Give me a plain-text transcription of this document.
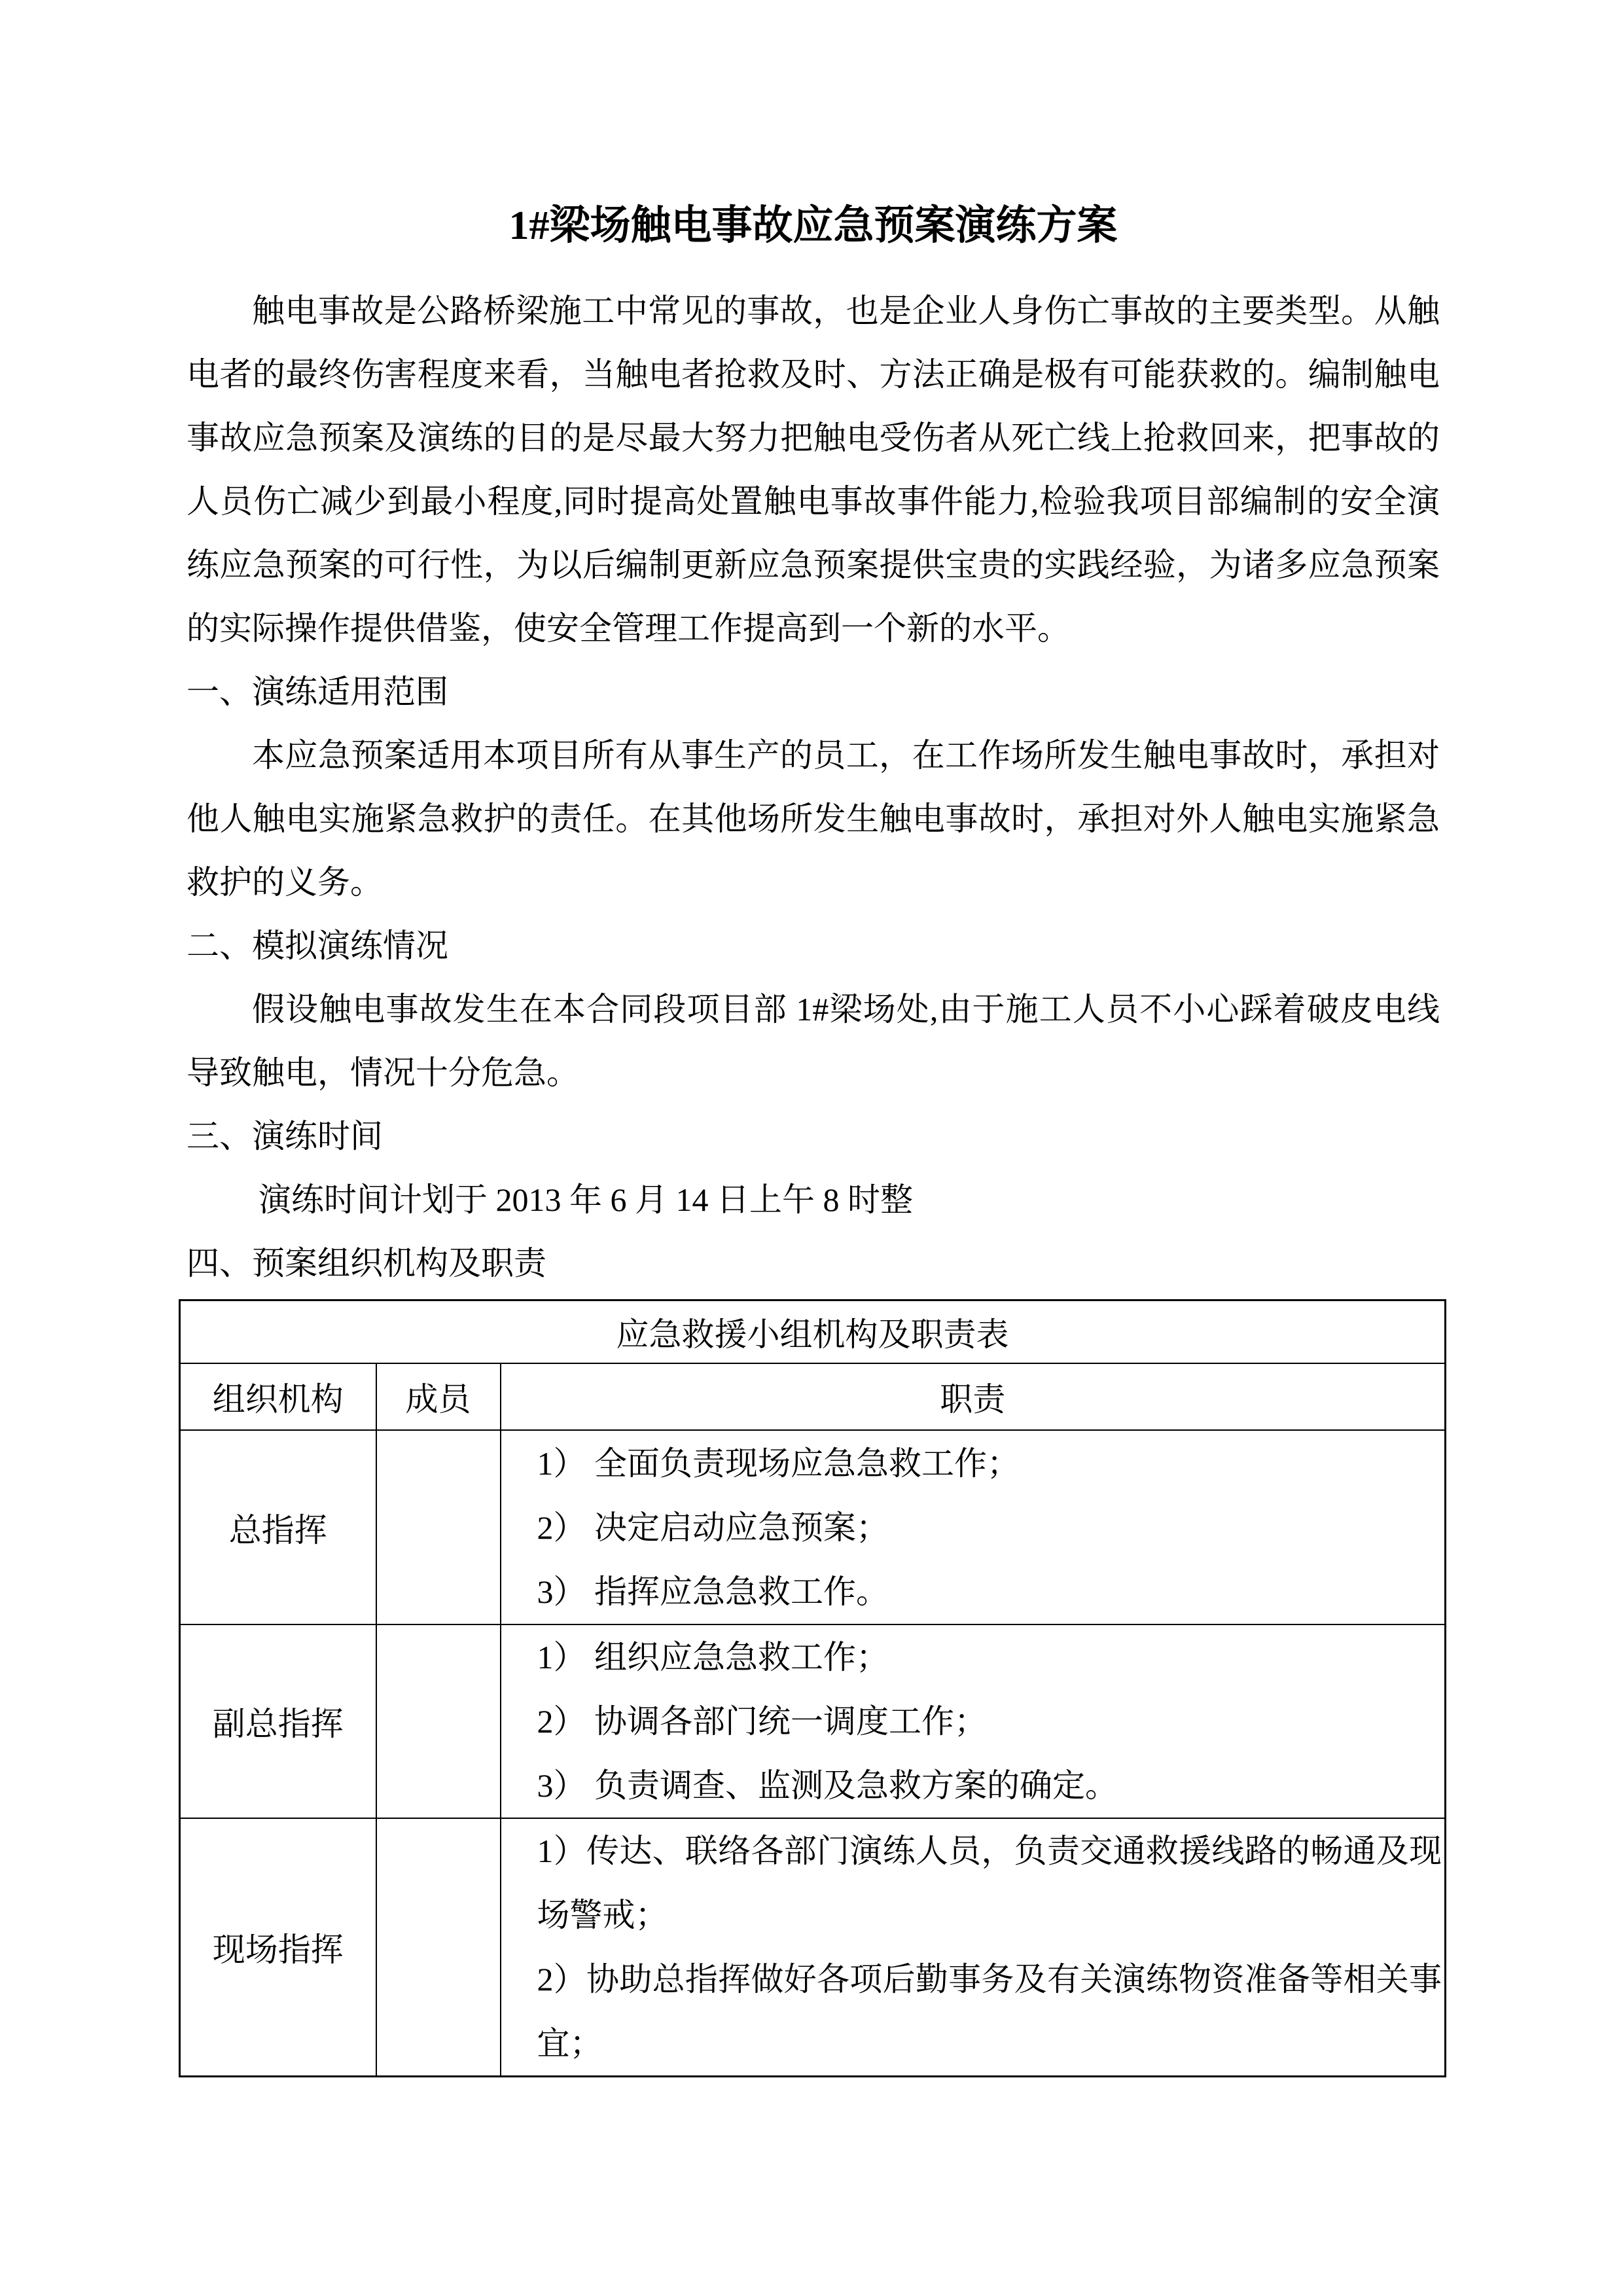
1#梁场触电事故应急预案演练方案

触电事故是公路桥梁施工中常见的事故，也是企业人身伤亡事故的主要类型。从触电者的最终伤害程度来看，当触电者抢救及时、方法正确是极有可能获救的。编制触电事故应急预案及演练的目的是尽最大努力把触电受伤者从死亡线上抢救回来，把事故的人员伤亡减少到最小程度,同时提高处置触电事故事件能力,检验我项目部编制的安全演练应急预案的可行性，为以后编制更新应急预案提供宝贵的实践经验，为诸多应急预案的实际操作提供借鉴，使安全管理工作提高到一个新的水平。

一、演练适用范围

本应急预案适用本项目所有从事生产的员工，在工作场所发生触电事故时，承担对他人触电实施紧急救护的责任。在其他场所发生触电事故时，承担对外人触电实施紧急救护的义务。

二、模拟演练情况

假设触电事故发生在本合同段项目部 1#梁场处,由于施工人员不小心踩着破皮电线导致触电，情况十分危急。

三、演练时间

演练时间计划于 2013 年 6 月 14 日上午 8 时整

四、预案组织机构及职责
应急救援小组机构及职责表		
组织机构	成员	职责
总指挥		1） 全面负责现场应急急救工作；
2） 决定启动应急预案；
3） 指挥应急急救工作。

副总指挥		1） 组织应急急救工作；
2） 协调各部门统一调度工作；
3） 负责调查、监测及急救方案的确定。

现场指挥		1）传达、联络各部门演练人员，负责交通救援线路的畅通及现场警戒；
2）协助总指挥做好各项后勤事务及有关演练物资准备等相关事宜；
